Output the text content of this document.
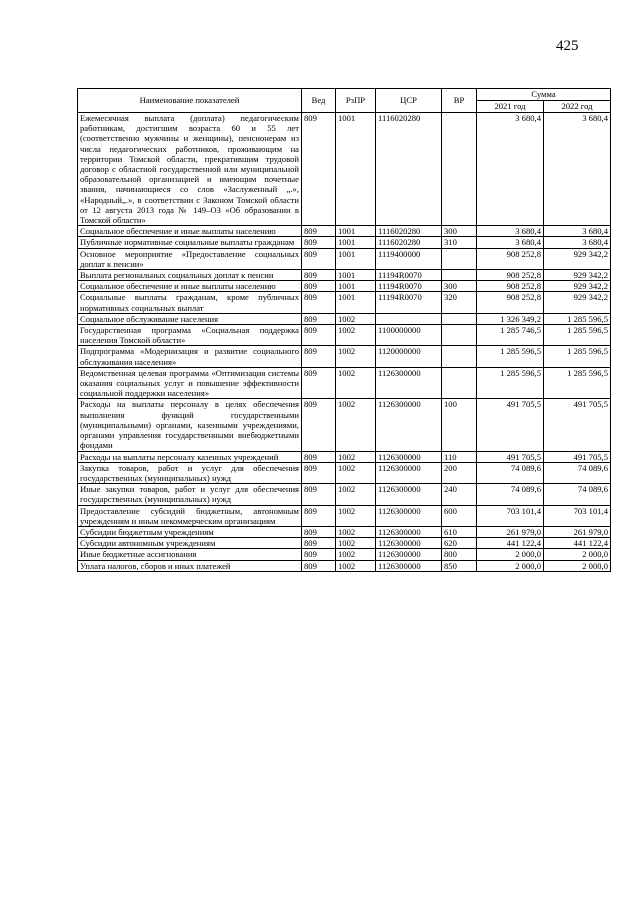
425
Наименование показателей	Вед	РзПР	ЦСР	ВР	Сумма	
					2021 год	2022 год
Ежемесячная выплата (доплата) педагогическим работникам, достигшим возраста 60 и 55 лет (соответственно мужчины и женщины), пенсионерам из числа педагогических работников, проживающим на территории Томской области, прекратившим трудовой договор с областной государственной или муниципальной образовательной организацией и имеющим почетные звания, начинающиеся со слов «Заслуженный „.», «Народный„.», в соответствии с Законом Томской области от 12 августа 2013 года № 149–ОЗ «Об образовании в Томской области»	809	1001	1116020280		3 680,4	3 680,4
Социальное обеспечение и иные выплаты населению	809	1001	1116020280	300	3 680,4	3 680,4
Публичные нормативные социальные выплаты гражданам	809	1001	1116020280	310	3 680,4	3 680,4
Основное мероприятие «Предоставление социальных доплат к пенсии»	809	1001	1119400000		908 252,8	929 342,2
Выплата региональных социальных доплат к пенсии	809	1001	11194R0070		908 252,8	929 342,2
Социальное обеспечение и иные выплаты населению	809	1001	11194R0070	300	908 252,8	929 342,2
Социальные выплаты гражданам, кроме публичных нормативных социальных выплат	809	1001	11194R0070	320	908 252,8	929 342,2
Социальное обслуживание населения	809	1002			1 326 349,2	1 285 596,5
Государственная программа «Социальная поддержка населения Томской области»	809	1002	1100000000		1 285 746,5	1 285 596,5
Подпрограмма «Модернизация и развитие социального обслуживания населения»	809	1002	1120000000		1 285 596,5	1 285 596,5
Ведомственная целевая программа «Оптимизация системы оказания социальных услуг и повышение эффективности социальной поддержки населения»	809	1002	1126300000		1 285 596,5	1 285 596,5
Расходы на выплаты персоналу в целях обеспечения выполнения функций государственными (муниципальными) органами, казенными учреждениями, органами управления государственными внебюджетными фондами	809	1002	1126300000	100	491 705,5	491 705,5
Расходы на выплаты персоналу казенных учреждений	809	1002	1126300000	110	491 705,5	491 705,5
Закупка товаров, работ и услуг для обеспечения государственных (муниципальных) нужд	809	1002	1126300000	200	74 089,6	74 089,6
Иные закупки товаров, работ и услуг для обеспечения государственных (муниципальных) нужд	809	1002	1126300000	240	74 089,6	74 089,6
Предоставление субсидий бюджетным, автономным учреждениям и иным некоммерческим организациям	809	1002	1126300000	600	703 101,4	703 101,4
Субсидии бюджетным учреждениям	809	1002	1126300000	610	261 979,0	261 979,0
Субсидии автономным учреждениям	809	1002	1126300000	620	441 122,4	441 122,4
Иные бюджетные ассигнования	809	1002	1126300000	800	2 000,0	2 000,0
Уплата налогов, сборов и иных платежей	809	1002	1126300000	850	2 000,0	2 000,0
